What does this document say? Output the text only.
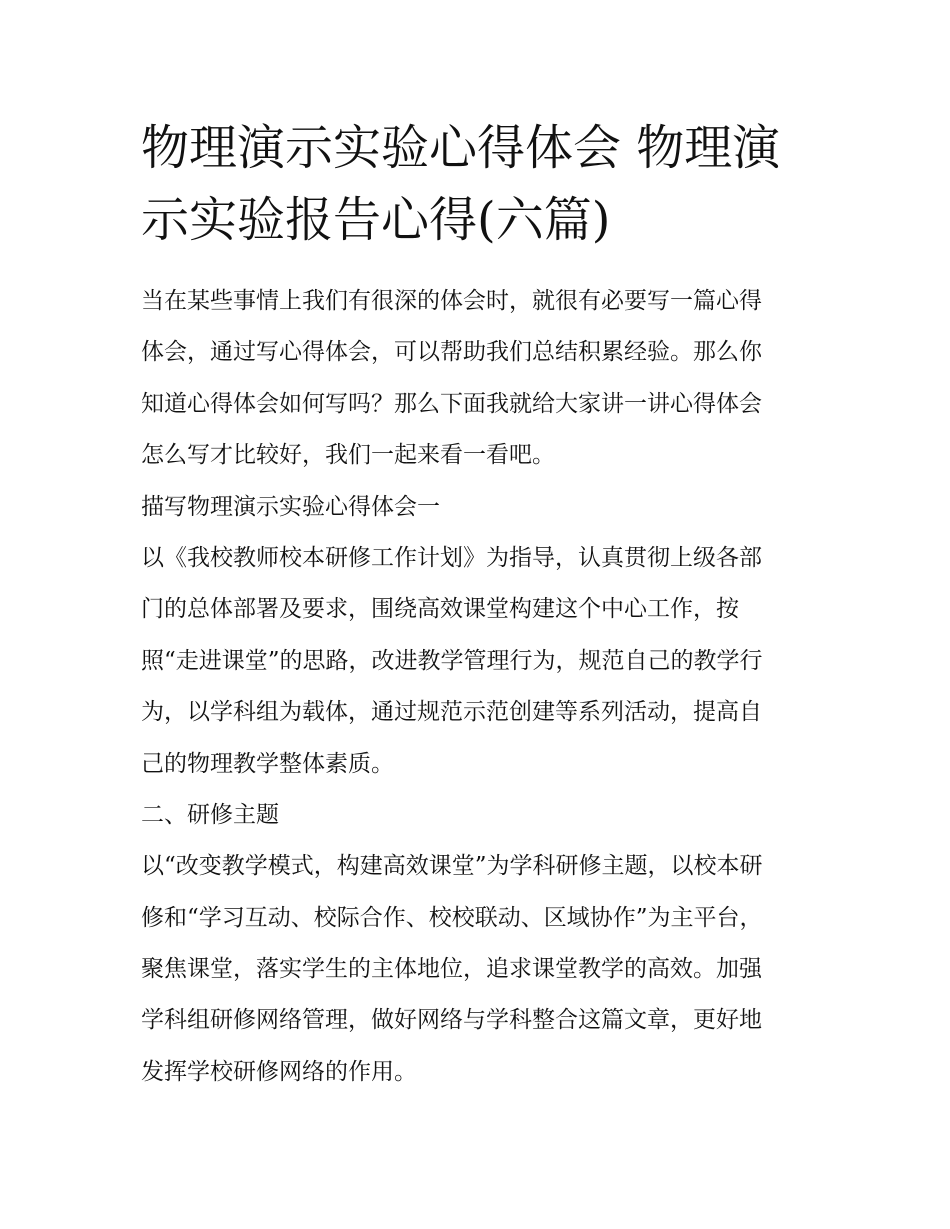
物理演示实验心得体会 物理演
示实验报告心得(六篇)
当在某些事情上我们有很深的体会时，就很有必要写一篇心得
体会，通过写心得体会，可以帮助我们总结积累经验。那么你
知道心得体会如何写吗？那么下面我就给大家讲一讲心得体会
怎么写才比较好，我们一起来看一看吧。
描写物理演示实验心得体会一
以《我校教师校本研修工作计划》为指导，认真贯彻上级各部
门的总体部署及要求，围绕高效课堂构建这个中心工作，按
照“走进课堂”的思路，改进教学管理行为，规范自己的教学行
为，以学科组为载体，通过规范示范创建等系列活动，提高自
己的物理教学整体素质。
二、研修主题
以“改变教学模式，构建高效课堂”为学科研修主题，以校本研
修和“学习互动、校际合作、校校联动、区域协作”为主平台，
聚焦课堂，落实学生的主体地位，追求课堂教学的高效。加强
学科组研修网络管理，做好网络与学科整合这篇文章，更好地
发挥学校研修网络的作用。
